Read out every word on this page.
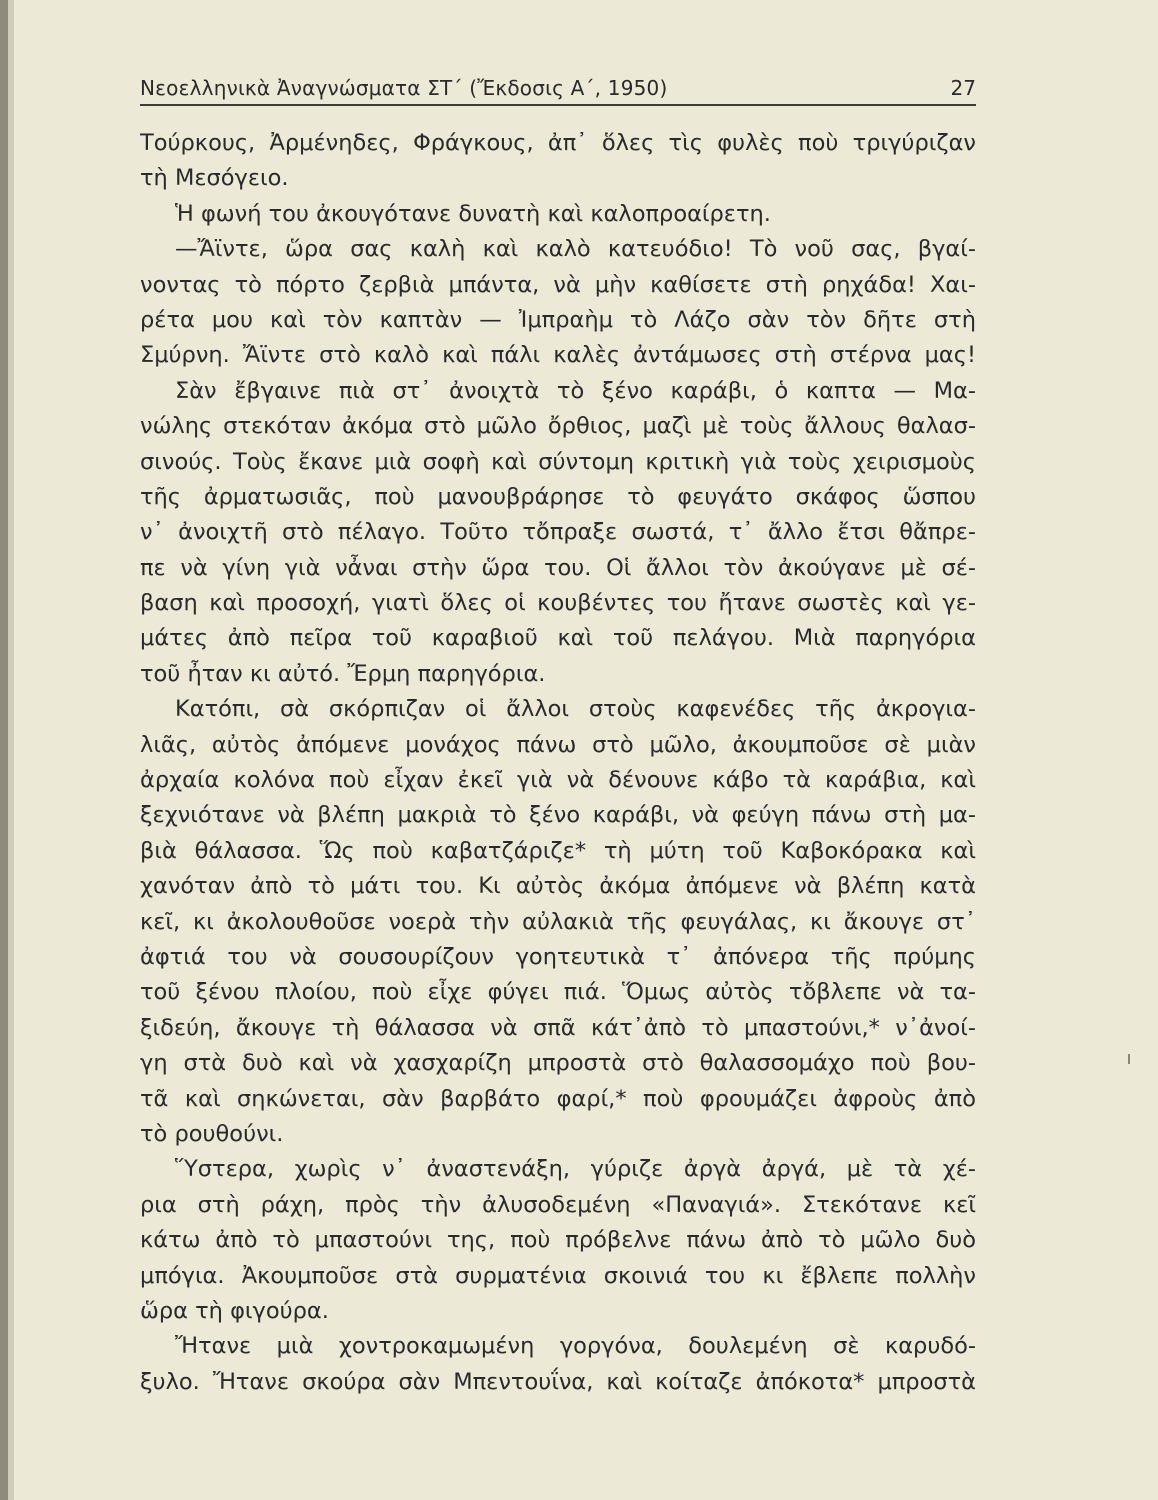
Νεοελληνικὰ Ἀναγνώσματα ΣΤ΄ (Ἔκδοσις Α΄, 1950)	27
Τούρκους, Ἀρμένηδες, Φράγκους, ἀπ᾽ ὅλες τὶς φυλὲς ποὺ τριγύριζαν
τὴ Μεσόγειο.
Ἡ φωνή του ἀκουγότανε δυνατὴ καὶ καλοπροαίρετη.
—Ἄϊντε, ὥρα σας καλὴ καὶ καλὸ κατευόδιο! Τὸ νοῦ σας, βγαί-
νοντας τὸ πόρτο ζερβιὰ μπάντα, νὰ μὴν καθίσετε στὴ ρηχάδα! Χαι-
ρέτα μου καὶ τὸν καπτὰν — Ἰμπραὴμ τὸ Λάζο σὰν τὸν δῆτε στὴ
Σμύρνη. Ἄϊντε στὸ καλὸ καὶ πάλι καλὲς ἀντάμωσες στὴ στέρνα μας!
Σὰν ἔβγαινε πιὰ στ᾽ ἀνοιχτὰ τὸ ξένο καράβι, ὁ καπτα — Μα-
νώλης στεκόταν ἀκόμα στὸ μῶλο ὄρθιος, μαζὶ μὲ τοὺς ἄλλους θαλασ-
σινούς. Τοὺς ἔκανε μιὰ σοφὴ καὶ σύντομη κριτικὴ γιὰ τοὺς χειρισμοὺς
τῆς ἀρματωσιᾶς, ποὺ μανουβράρησε τὸ φευγάτο σκάφος ὥσπου
ν᾽ ἀνοιχτῆ στὸ πέλαγο. Τοῦτο τὄπραξε σωστά, τ᾽ ἄλλο ἔτσι θἄπρε-
πε νὰ γίνη γιὰ νἆναι στὴν ὥρα του. Οἱ ἄλλοι τὸν ἀκούγανε μὲ σέ-
βαση καὶ προσοχή, γιατὶ ὅλες οἱ κουβέντες του ἤτανε σωστὲς καὶ γε-
μάτες ἀπὸ πεῖρα τοῦ καραβιοῦ καὶ τοῦ πελάγου. Μιὰ παρηγόρια
τοῦ ἦταν κι αὐτό. Ἔρμη παρηγόρια.
Κατόπι, σὰ σκόρπιζαν οἱ ἄλλοι στοὺς καφενέδες τῆς ἀκρογια-
λιᾶς, αὐτὸς ἀπόμενε μονάχος πάνω στὸ μῶλο, ἀκουμποῦσε σὲ μιὰν
ἀρχαία κολόνα ποὺ εἶχαν ἐκεῖ γιὰ νὰ δένουνε κάβο τὰ καράβια, καὶ
ξεχνιότανε νὰ βλέπη μακριὰ τὸ ξένο καράβι, νὰ φεύγη πάνω στὴ μα-
βιὰ θάλασσα. Ὥς ποὺ καβατζάριζε* τὴ μύτη τοῦ Καβοκόρακα καὶ
χανόταν ἀπὸ τὸ μάτι του. Κι αὐτὸς ἀκόμα ἀπόμενε νὰ βλέπη κατὰ
κεῖ, κι ἀκολουθοῦσε νοερὰ τὴν αὐλακιὰ τῆς φευγάλας, κι ἄκουγε στ᾽
ἀφτιά του νὰ σουσουρίζουν γοητευτικὰ τ᾽ ἀπόνερα τῆς πρύμης
τοῦ ξένου πλοίου, ποὺ εἶχε φύγει πιά. Ὅμως αὐτὸς τὄβλεπε νὰ τα-
ξιδεύη, ἄκουγε τὴ θάλασσα νὰ σπᾶ κάτ᾽ἀπὸ τὸ μπαστούνι,* ν᾽ἀνοί-
γη στὰ δυὸ καὶ νὰ χασχαρίζη μπροστὰ στὸ θαλασσομάχο ποὺ βου-
τᾶ καὶ σηκώνεται, σὰν βαρβάτο φαρί,* ποὺ φρουμάζει ἀφροὺς ἀπὸ
τὸ ρουθούνι.
Ὕστερα, χωρὶς ν᾽ ἀναστενάξη, γύριζε ἀργὰ ἀργά, μὲ τὰ χέ-
ρια στὴ ράχη, πρὸς τὴν ἀλυσοδεμένη «Παναγιά». Στεκότανε κεῖ
κάτω ἀπὸ τὸ μπαστούνι της, ποὺ πρόβελνε πάνω ἀπὸ τὸ μῶλο δυὸ
μπόγια. Ἀκουμποῦσε στὰ συρματένια σκοινιά του κι ἔβλεπε πολλὴν
ὥρα τὴ φιγούρα.
Ἤτανε μιὰ χοντροκαμωμένη γοργόνα, δουλεμένη σὲ καρυδό-
ξυλο. Ἤτανε σκούρα σὰν Μπεντουΐνα, καὶ κοίταζε ἀπόκοτα* μπροστὰ
